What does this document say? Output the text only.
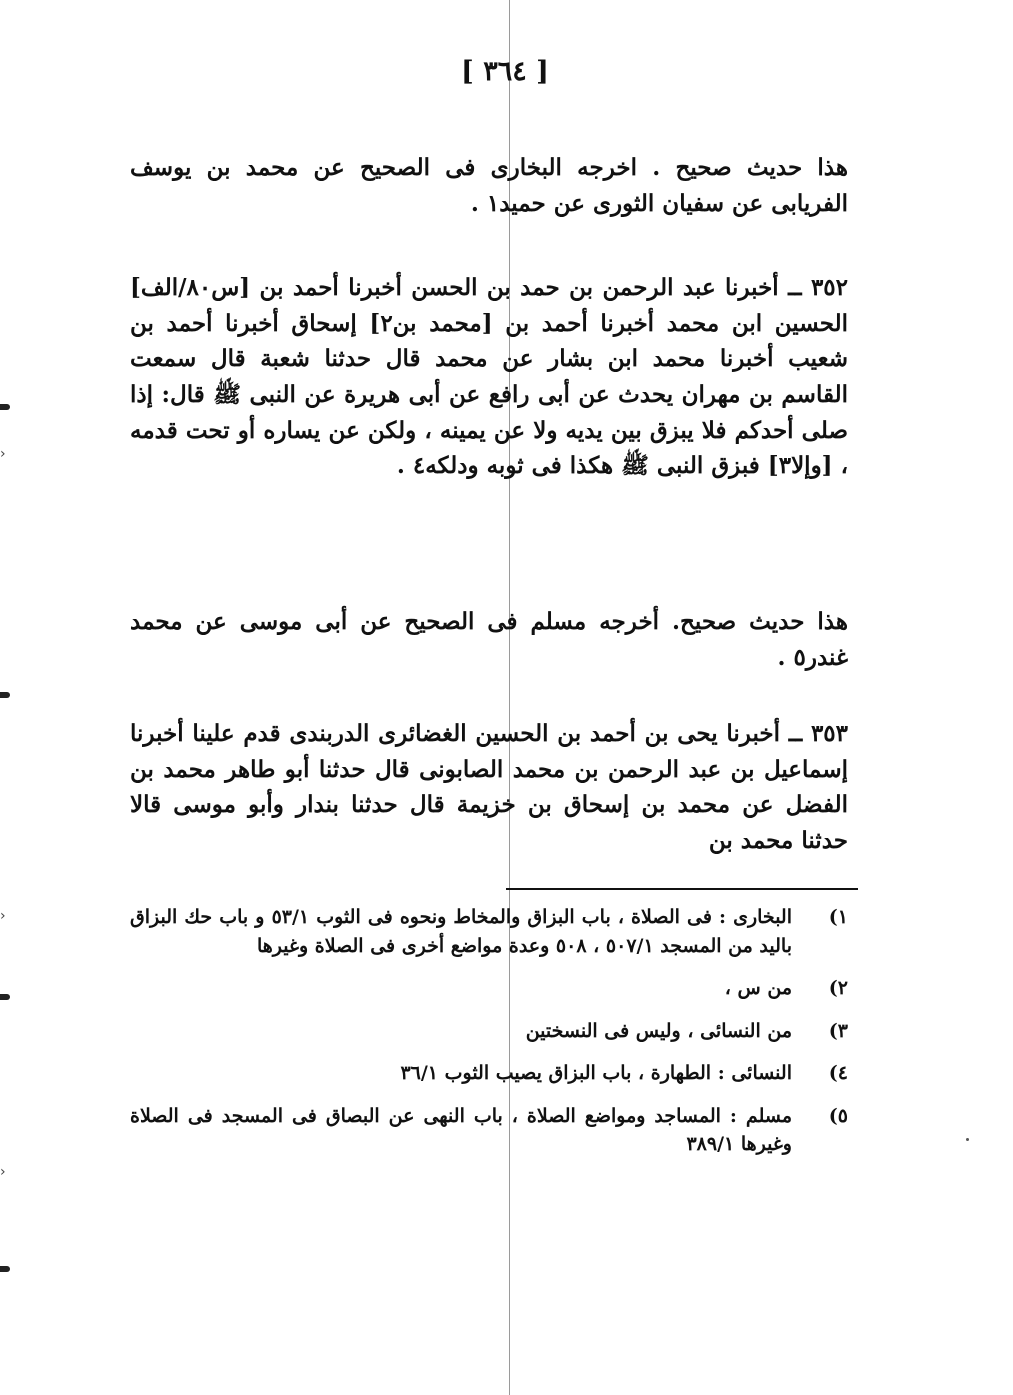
›
›
›
[ ٣٦٤ ]

هذا حديث صحيح . اخرجه البخارى فى الصحيح عن محمد بن يوسف الفريابى عن سفيان الثورى عن حميد١ .

٣٥٢ ــ أخبرنا عبد الرحمن بن حمد بن الحسن أخبرنا أحمد بن [س٨٠/الف] الحسين ابن محمد أخبرنا أحمد بن [محمد بن٢] إسحاق أخبرنا أحمد بن شعيب أخبرنا محمد ابن بشار عن محمد قال حدثنا شعبة قال سمعت القاسم بن مهران يحدث عن أبى رافع عن أبى هريرة عن النبى ﷺ قال: إذا صلى أحدكم فلا يبزق بين يديه ولا عن يمينه ، ولكن عن يساره أو تحت قدمه ، [وإلا٣] فبزق النبى ﷺ هكذا فى ثوبه ودلكه٤ .

هذا حديث صحيح. أخرجه مسلم فى الصحيح عن أبى موسى عن محمد غندر٥ .

٣٥٣ ــ أخبرنا يحى بن أحمد بن الحسين الغضائرى الدربندى قدم علينا أخبرنا إسماعيل بن عبد الرحمن بن محمد الصابونى قال حدثنا أبو طاهر محمد بن الفضل عن محمد بن إسحاق بن خزيمة قال حدثنا بندار وأبو موسى قالا حدثنا محمد بن

١)
البخارى : فى الصلاة ، باب البزاق والمخاط ونحوه فى الثوب ٥٣/١ و باب حك البزاق باليد من المسجد ٥٠٧/١ ، ٥٠٨ وعدة مواضع أخرى فى الصلاة وغيرها
٢)
من س ،
٣)
من النسائى ، وليس فى النسختين
٤)
النسائى : الطهارة ، باب البزاق يصيب الثوب ٣٦/١
٥)
مسلم : المساجد ومواضع الصلاة ، باب النهى عن البصاق فى المسجد فى الصلاة وغيرها ٣٨٩/١
